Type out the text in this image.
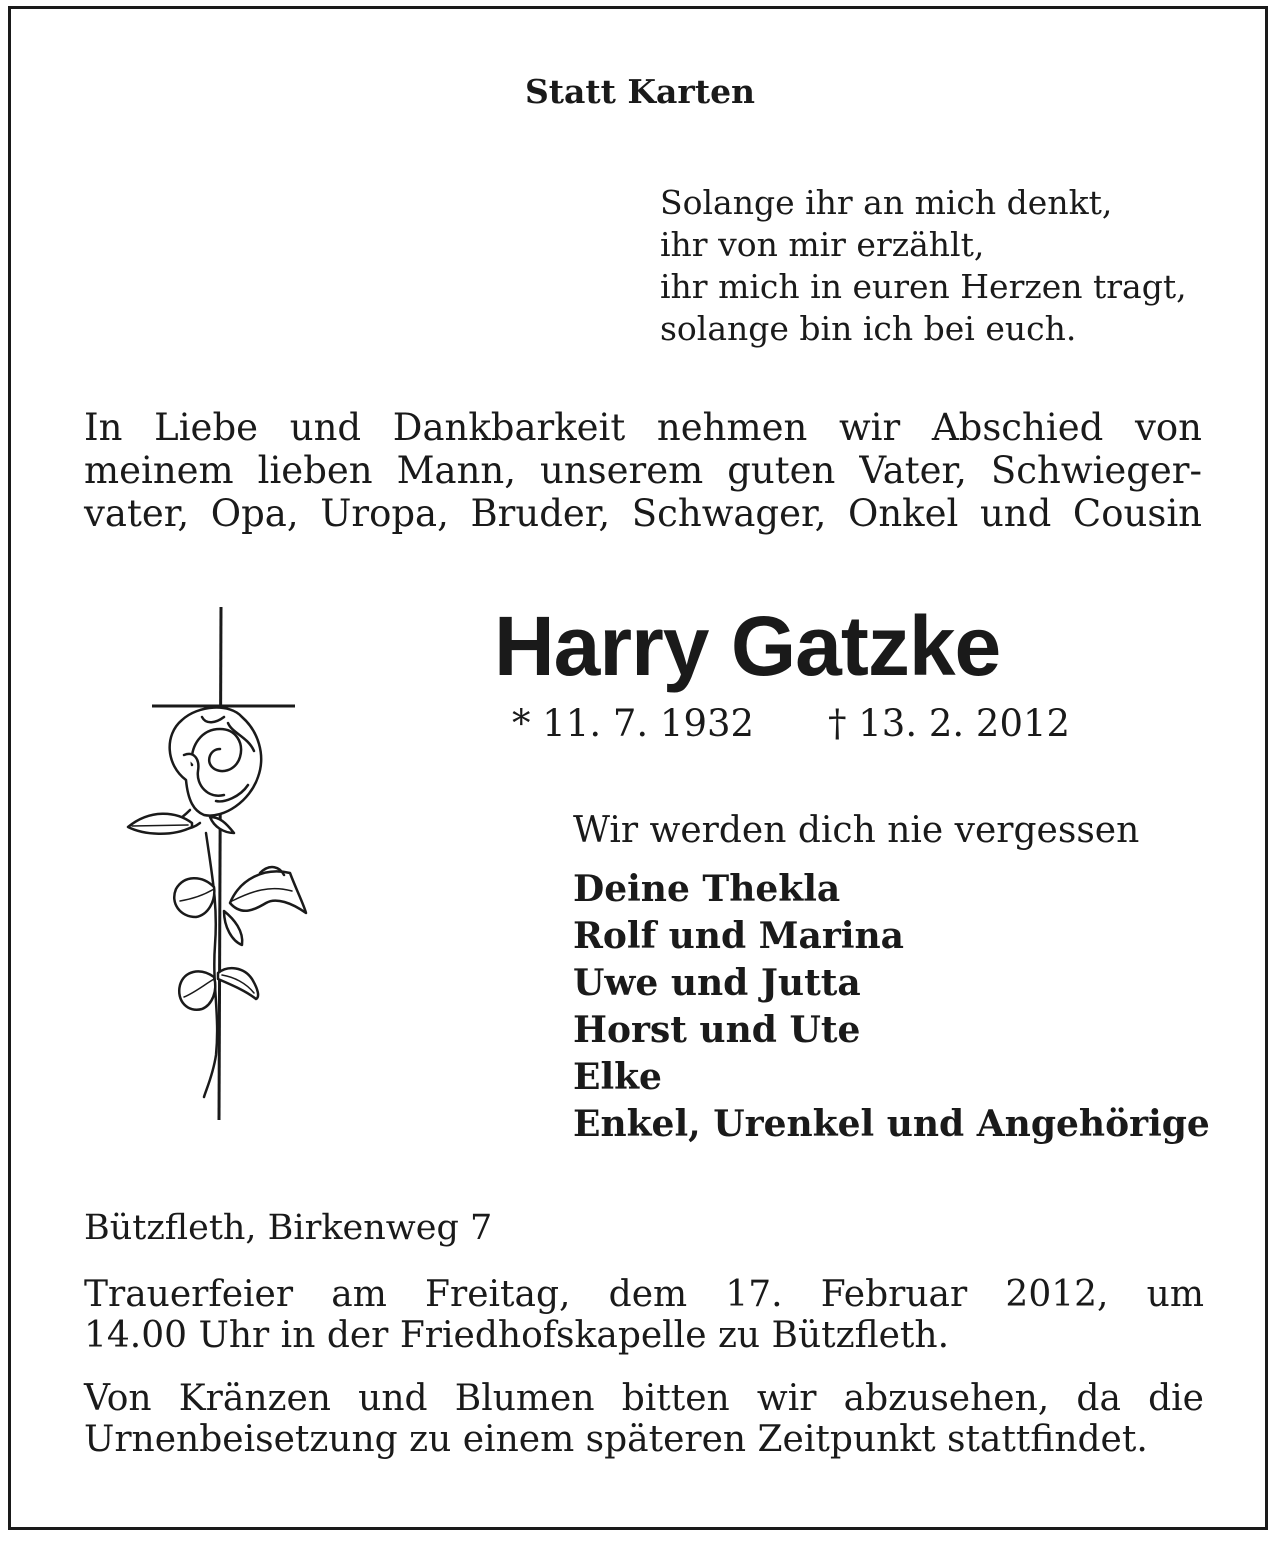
Statt Karten
Solange ihr an mich denkt,
ihr von mir erzählt,
ihr mich in euren Herzen tragt,
solange bin ich bei euch.
In Liebe und Dankbarkeit nehmen wir Abschied von
meinem lieben Mann, unserem guten Vater, Schwieger-
vater, Opa, Uropa, Bruder, Schwager, Onkel und Cousin
Harry Gatzke
* 11. 7. 1932 † 13. 2. 2012
Wir werden dich nie vergessen
Deine Thekla
Rolf und Marina
Uwe und Jutta
Horst und Ute
Elke
Enkel, Urenkel und Angehörige
Bützfleth, Birkenweg 7
Trauerfeier am Freitag, dem 17. Februar 2012, um
14.00 Uhr in der Friedhofskapelle zu Bützfleth.
Von Kränzen und Blumen bitten wir abzusehen, da die
Urnenbeisetzung zu einem späteren Zeitpunkt stattfindet.
